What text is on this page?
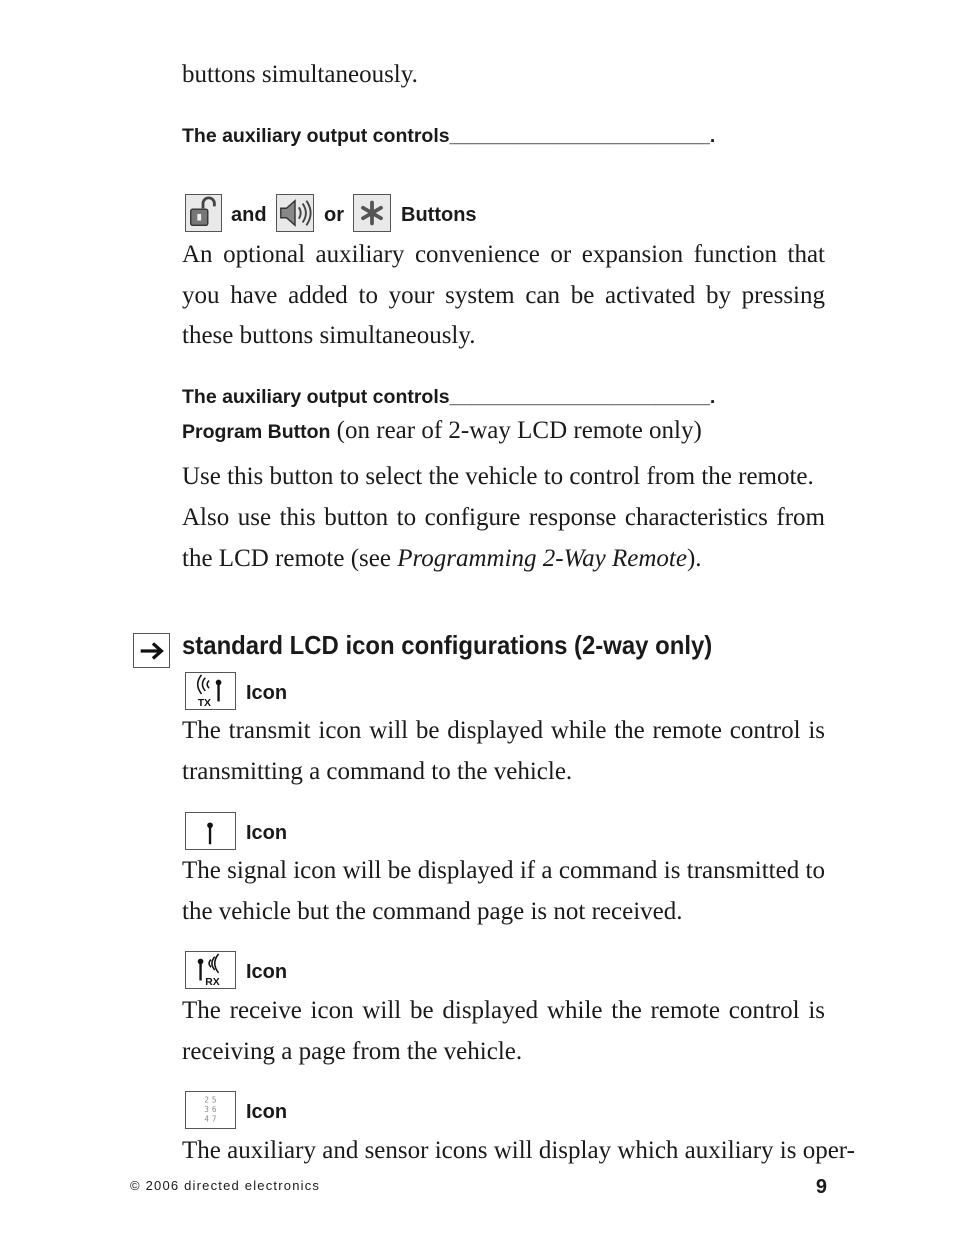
buttons simultaneously.
The auxiliary output controls________________________.
and	or	Buttons
An optional auxiliary convenience or expansion function that you have added to your system can be activated by pressing these buttons simultaneously.
The auxiliary output controls________________________.
Program Button (on rear of 2-way LCD remote only)
Use this button to select the vehicle to control from the remote.
Also use this button to configure response characteristics from the LCD remote (see Programming 2-Way Remote).
standard LCD icon configurations (2-way only)
TX Icon
The transmit icon will be displayed while the remote control is transmitting a command to the vehicle.
Icon
The signal icon will be displayed if a command is transmitted to the vehicle but the command page is not received.
RX Icon
The receive icon will be displayed while the remote control is receiving a page from the vehicle.
2 5
3 6
4 7 Icon
The auxiliary and sensor icons will display which auxiliary is oper-
© 2006 directed electronics	9
